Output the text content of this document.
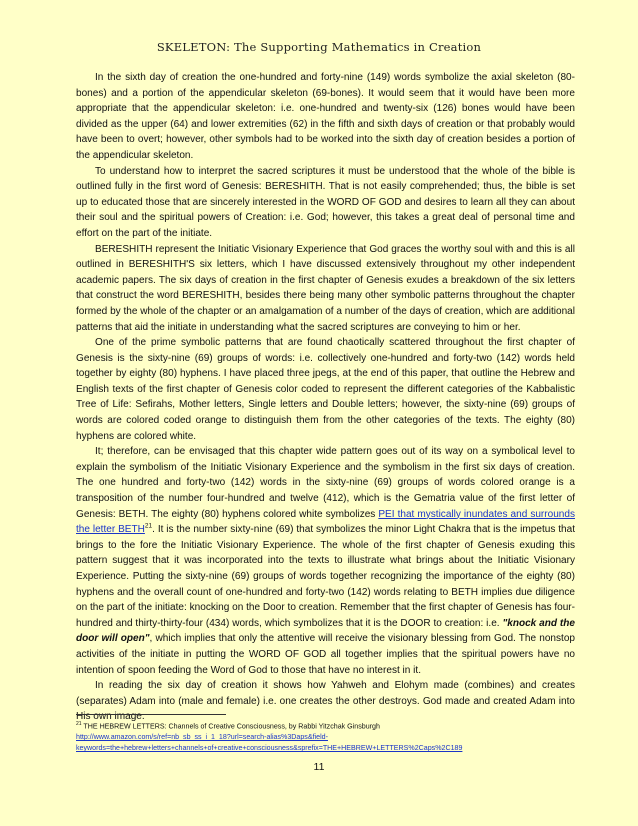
SKELETON: The Supporting Mathematics in Creation

In the sixth day of creation the one-hundred and forty-nine (149) words symbolize the axial skeleton (80-bones) and a portion of the appendicular skeleton (69-bones). It would seem that it would have been more appropriate that the appendicular skeleton: i.e. one-hundred and twenty-six (126) bones would have been divided as the upper (64) and lower extremities (62) in the fifth and sixth days of creation or that probably would have been to overt; however, other symbols had to be worked into the sixth day of creation besides a portion of the appendicular skeleton.

To understand how to interpret the sacred scriptures it must be understood that the whole of the bible is outlined fully in the first word of Genesis: BERESHITH. That is not easily comprehended; thus, the bible is set up to educated those that are sincerely interested in the WORD OF GOD and desires to learn all they can about their soul and the spiritual powers of Creation: i.e. God; however, this takes a great deal of personal time and effort on the part of the initiate.

BERESHITH represent the Initiatic Visionary Experience that God graces the worthy soul with and this is all outlined in BERESHITH'S six letters, which I have discussed extensively throughout my other independent academic papers. The six days of creation in the first chapter of Genesis exudes a breakdown of the six letters that construct the word BERESHITH, besides there being many other symbolic patterns throughout the chapter formed by the whole of the chapter or an amalgamation of a number of the days of creation, which are additional patterns that aid the initiate in understanding what the sacred scriptures are conveying to him or her.

One of the prime symbolic patterns that are found chaotically scattered throughout the first chapter of Genesis is the sixty-nine (69) groups of words: i.e. collectively one-hundred and forty-two (142) words held together by eighty (80) hyphens. I have placed three jpegs, at the end of this paper, that outline the Hebrew and English texts of the first chapter of Genesis color coded to represent the different categories of the Kabbalistic Tree of Life: Sefirahs, Mother letters, Single letters and Double letters; however, the sixty-nine (69) groups of words are colored coded orange to distinguish them from the other categories of the texts. The eighty (80) hyphens are colored white.

It; therefore, can be envisaged that this chapter wide pattern goes out of its way on a symbolical level to explain the symbolism of the Initiatic Visionary Experience and the symbolism in the first six days of creation. The one hundred and forty-two (142) words in the sixty-nine (69) groups of words colored orange is a transposition of the number four-hundred and twelve (412), which is the Gematria value of the first letter of Genesis: BETH. The eighty (80) hyphens colored white symbolizes PEI that mystically inundates and surrounds the letter BETH$^{21}$. It is the number sixty-nine (69) that symbolizes the minor Light Chakra that is the impetus that brings to the fore the Initiatic Visionary Experience. The whole of the first chapter of Genesis exuding this pattern suggest that it was incorporated into the texts to illustrate what brings about the Initiatic Visionary Experience. Putting the sixty-nine (69) groups of words together recognizing the importance of the eighty (80) hyphens and the overall count of one-hundred and forty-two (142) words relating to BETH implies due diligence on the part of the initiate: knocking on the Door to creation. Remember that the first chapter of Genesis has four-hundred and thirty-thirty-four (434) words, which symbolizes that it is the DOOR to creation: i.e. "knock and the door will open", which implies that only the attentive will receive the visionary blessing from God. The nonstop activities of the initiate in putting the WORD OF GOD all together implies that the spiritual powers have no intention of spoon feeding the Word of God to those that have no interest in it.

In reading the six day of creation it shows how Yahweh and Elohym made (combines) and creates (separates) Adam into (male and female) i.e. one creates the other destroys. God made and created Adam into His own image.

$^{21}$ THE HEBREW LETTERS: Channels of Creative Consciousness, by Rabbi Yitzchak Ginsburgh
http://www.amazon.com/s/ref=nb_sb_ss_i_1_18?url=search-alias%3Daps&field-
keywords=the+hebrew+letters+channels+of+creative+consciousness&sprefix=THE+HEBREW+LETTERS%2Caps%2C189
11
